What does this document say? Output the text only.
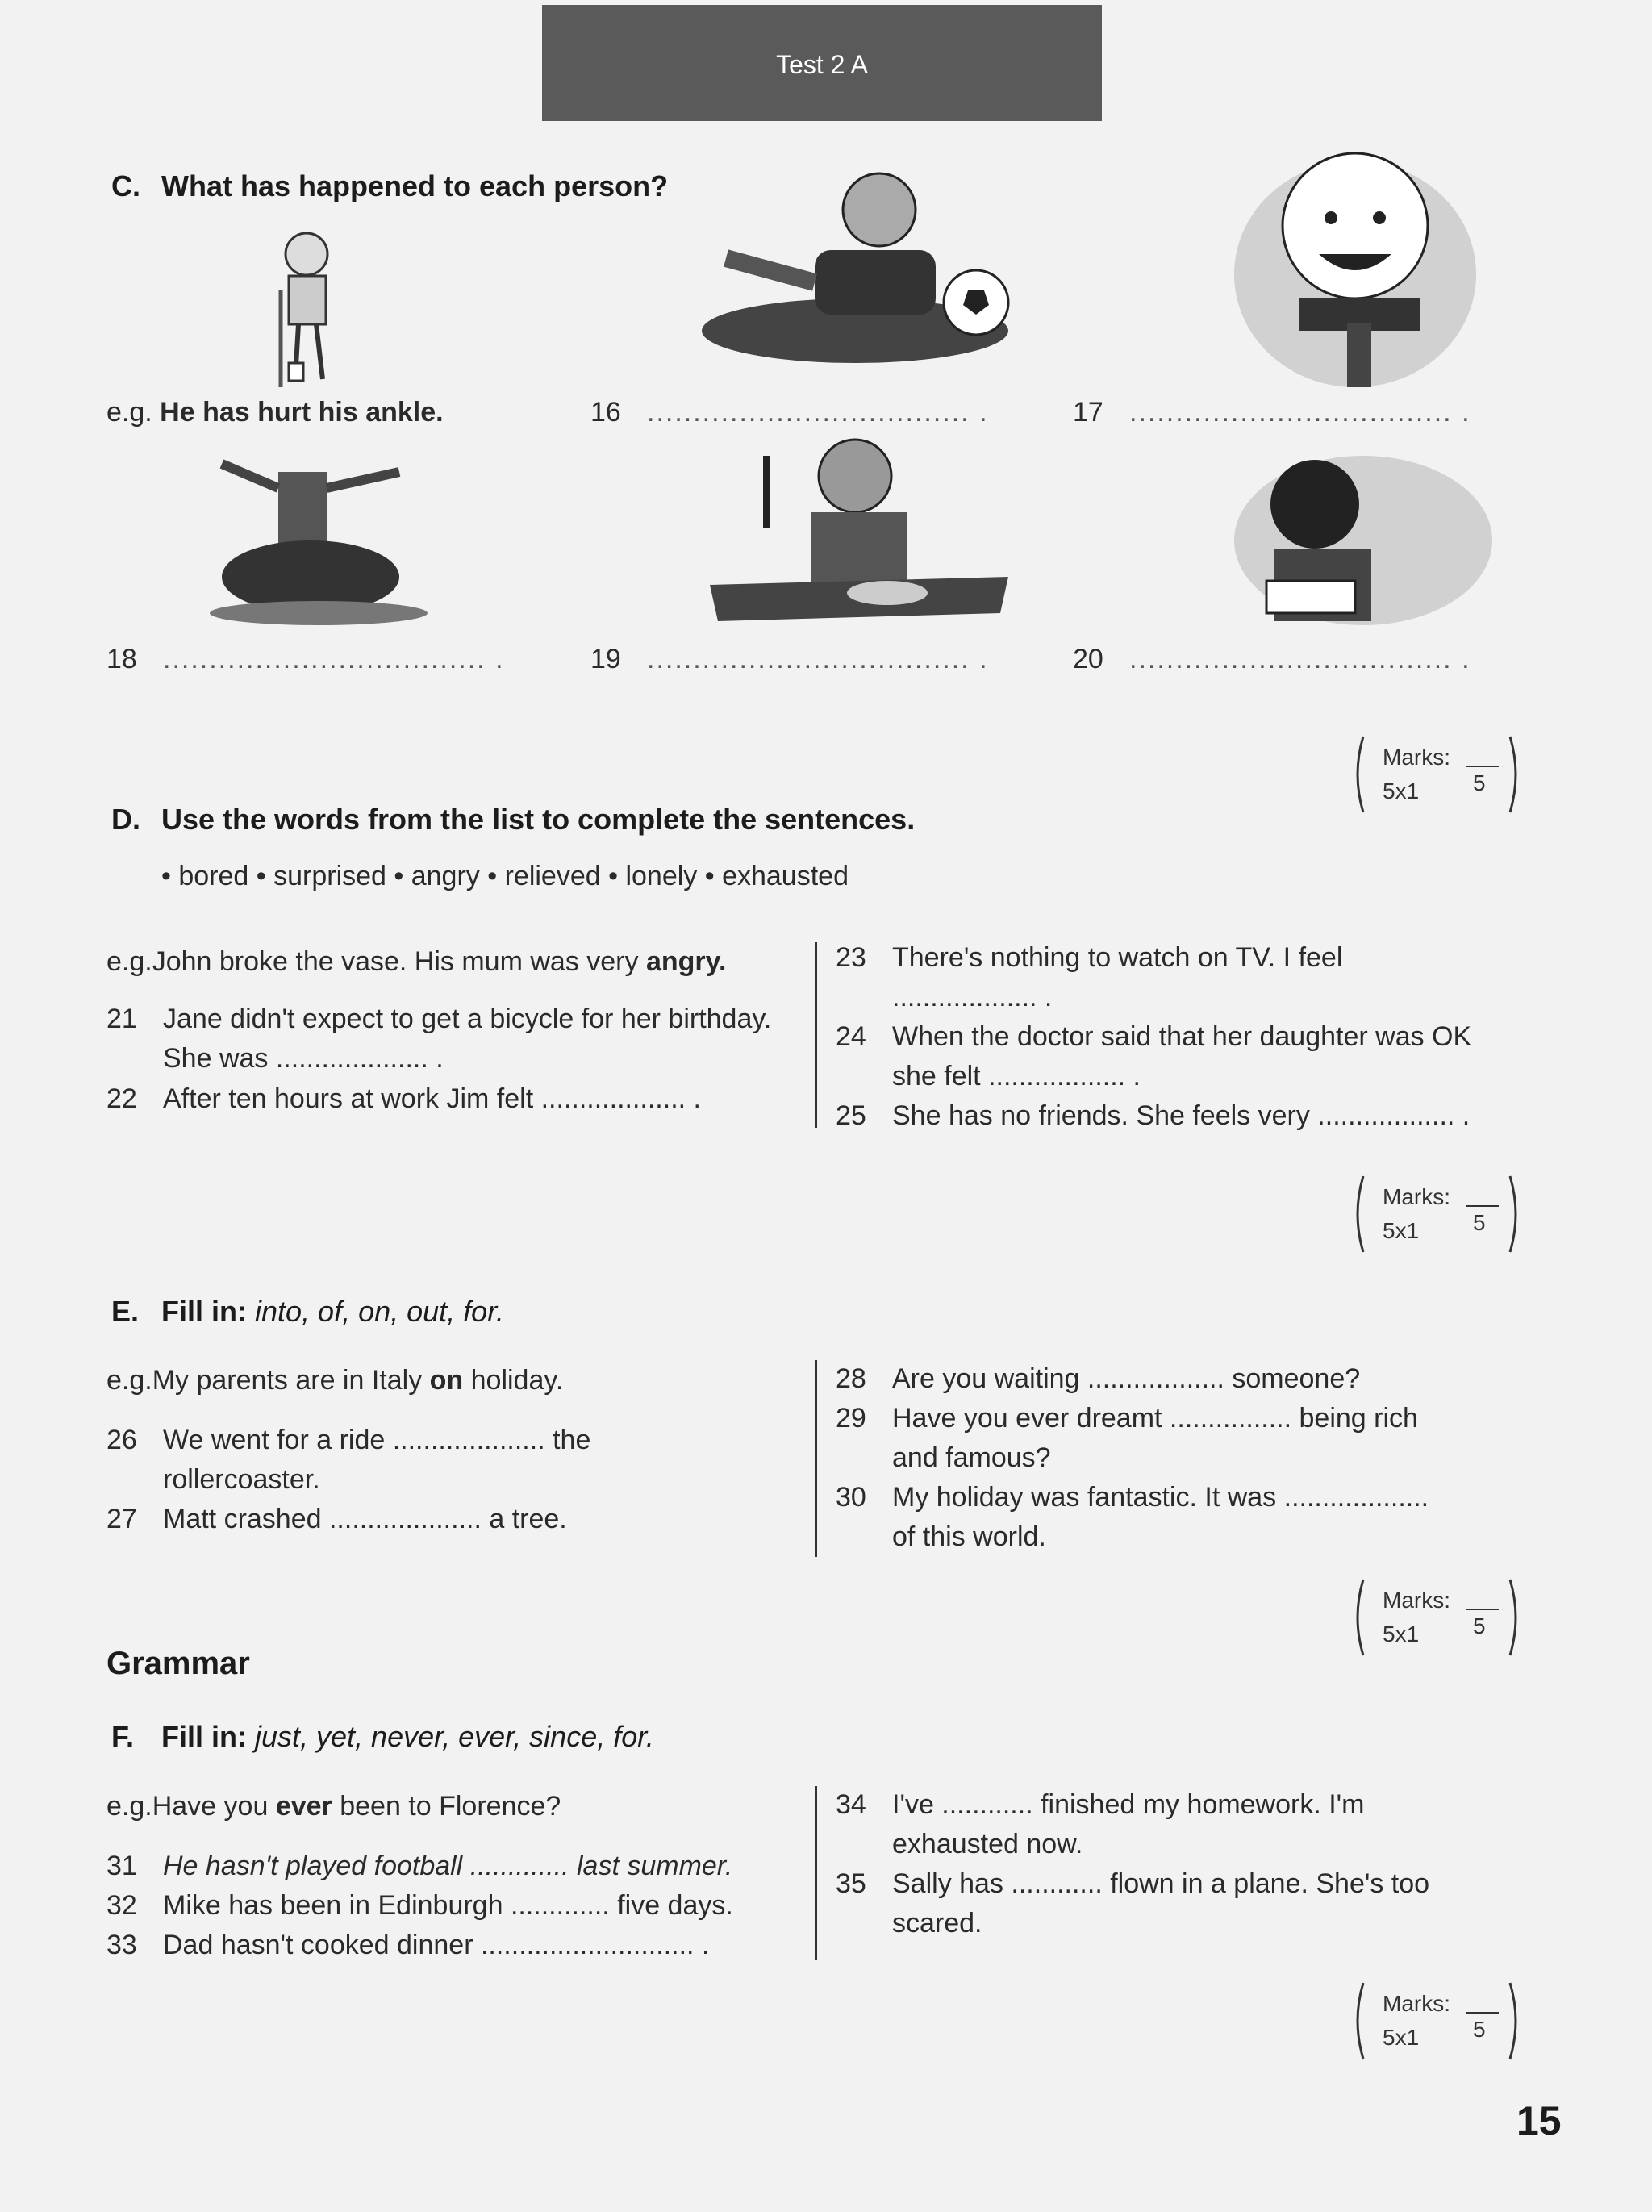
Test 2 A
C. What has happened to each person?
e.g. He has hurt his ankle.	16 ................................... .	17 ................................... .
18 ................................... .	19 ................................... .	20 ................................... .
Marks:
5x1 5
D. Use the words from the list to complete the sentences.
• bored • surprised • angry • relieved • lonely • exhausted
e.g.John broke the vase. His mum was very angry.
21 Jane didn't expect to get a bicycle for her birthday.
She was .................... .
22 After ten hours at work Jim felt ................... .
23 There's nothing to watch on TV. I feel
................... .
24 When the doctor said that her daughter was OK
she felt .................. .
25 She has no friends. She feels very .................. .
Marks:
5x1 5
E. Fill in: into, of, on, out, for.
e.g.My parents are in Italy on holiday.
26 We went for a ride .................... the
rollercoaster.
27 Matt crashed .................... a tree.
28 Are you waiting .................. someone?
29 Have you ever dreamt ................ being rich
and famous?
30 My holiday was fantastic. It was ...................
of this world.
Marks:
5x1 5
Grammar
F. Fill in: just, yet, never, ever, since, for.
e.g.Have you ever been to Florence?
31 He hasn't played football ............. last summer.
32 Mike has been in Edinburgh ............. five days.
33 Dad hasn't cooked dinner ............................ .
34 I've ............ finished my homework. I'm
exhausted now.
35 Sally has ............ flown in a plane. She's too
scared.
Marks:
5x1 5
15
